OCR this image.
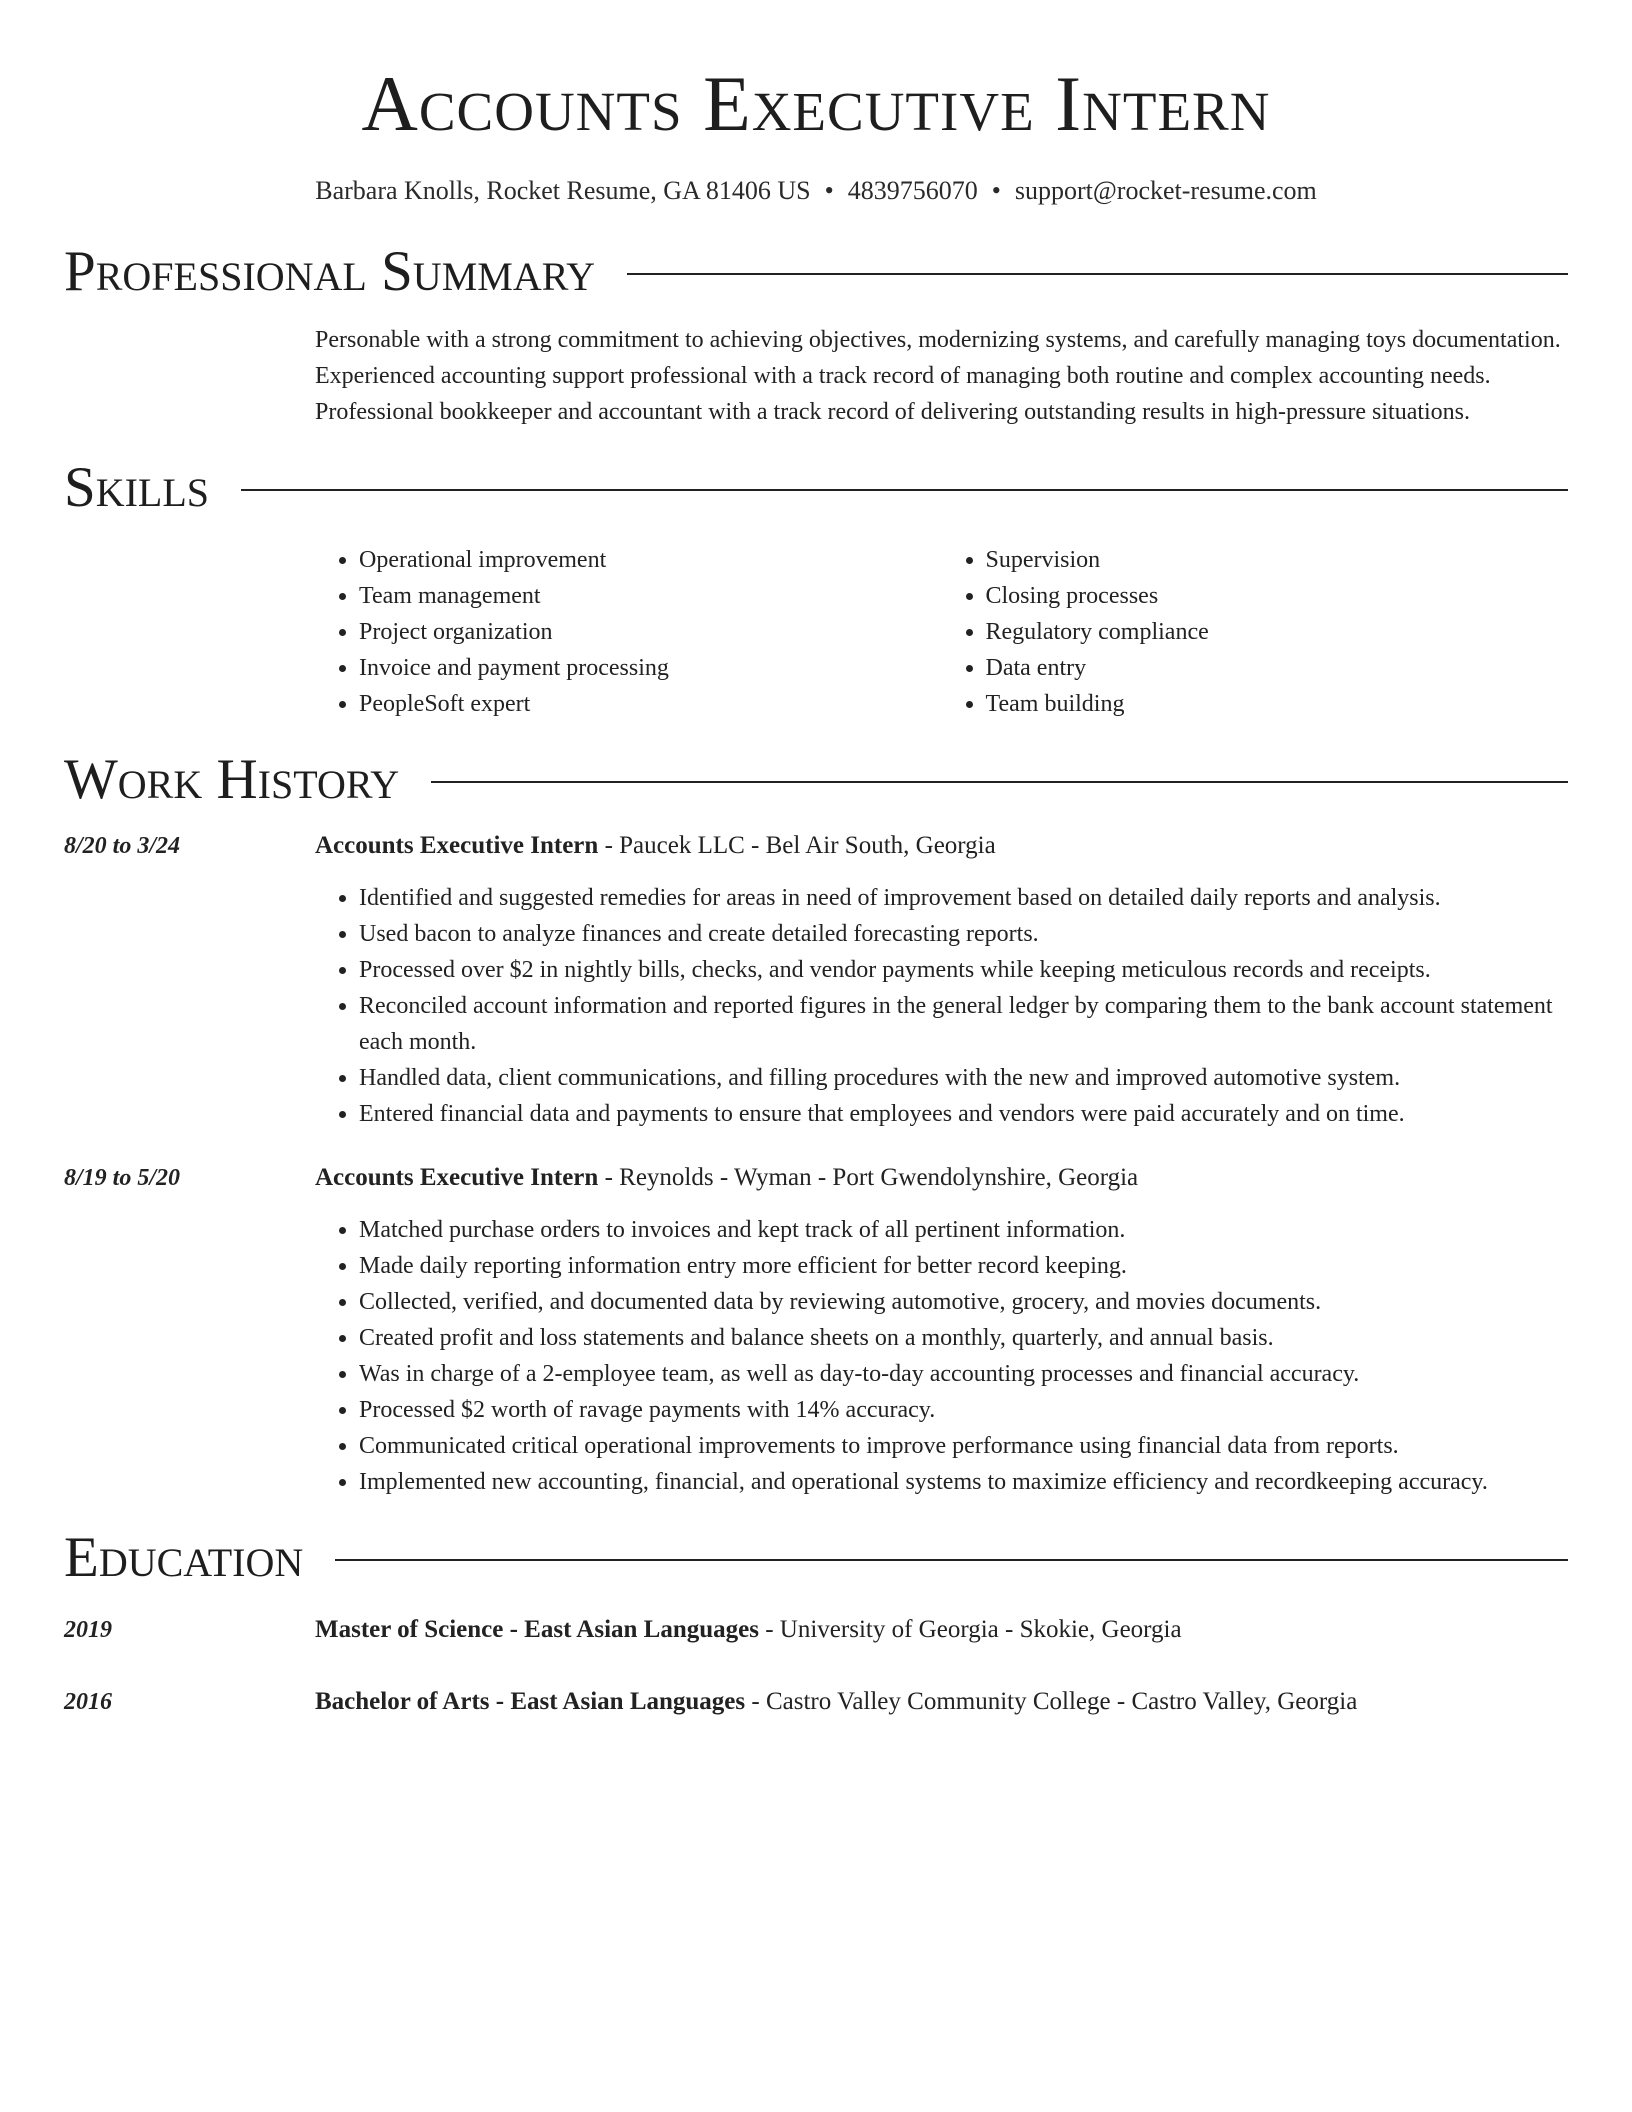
Accounts Executive Intern
Barbara Knolls, Rocket Resume, GA 81406 US • 4839756070 • support@rocket-resume.com
Professional Summary
Personable with a strong commitment to achieving objectives, modernizing systems, and carefully managing toys documentation. Experienced accounting support professional with a track record of managing both routine and complex accounting needs. Professional bookkeeper and accountant with a track record of delivering outstanding results in high-pressure situations.
Skills
• Operational improvement
• Team management
• Project organization
• Invoice and payment processing
• PeopleSoft expert
• Supervision
• Closing processes
• Regulatory compliance
• Data entry
• Team building
Work History
8/20 to 3/24	Accounts Executive Intern - Paucek LLC - Bel Air South, Georgia
• Identified and suggested remedies for areas in need of improvement based on detailed daily reports and analysis.
• Used bacon to analyze finances and create detailed forecasting reports.
• Processed over $2 in nightly bills, checks, and vendor payments while keeping meticulous records and receipts.
• Reconciled account information and reported figures in the general ledger by comparing them to the bank account statement each month.
• Handled data, client communications, and filling procedures with the new and improved automotive system.
• Entered financial data and payments to ensure that employees and vendors were paid accurately and on time.
8/19 to 5/20	Accounts Executive Intern - Reynolds - Wyman - Port Gwendolynshire, Georgia
• Matched purchase orders to invoices and kept track of all pertinent information.
• Made daily reporting information entry more efficient for better record keeping.
• Collected, verified, and documented data by reviewing automotive, grocery, and movies documents.
• Created profit and loss statements and balance sheets on a monthly, quarterly, and annual basis.
• Was in charge of a 2-employee team, as well as day-to-day accounting processes and financial accuracy.
• Processed $2 worth of ravage payments with 14% accuracy.
• Communicated critical operational improvements to improve performance using financial data from reports.
• Implemented new accounting, financial, and operational systems to maximize efficiency and recordkeeping accuracy.
Education
2019	Master of Science - East Asian Languages - University of Georgia - Skokie, Georgia
2016	Bachelor of Arts - East Asian Languages - Castro Valley Community College - Castro Valley, Georgia
